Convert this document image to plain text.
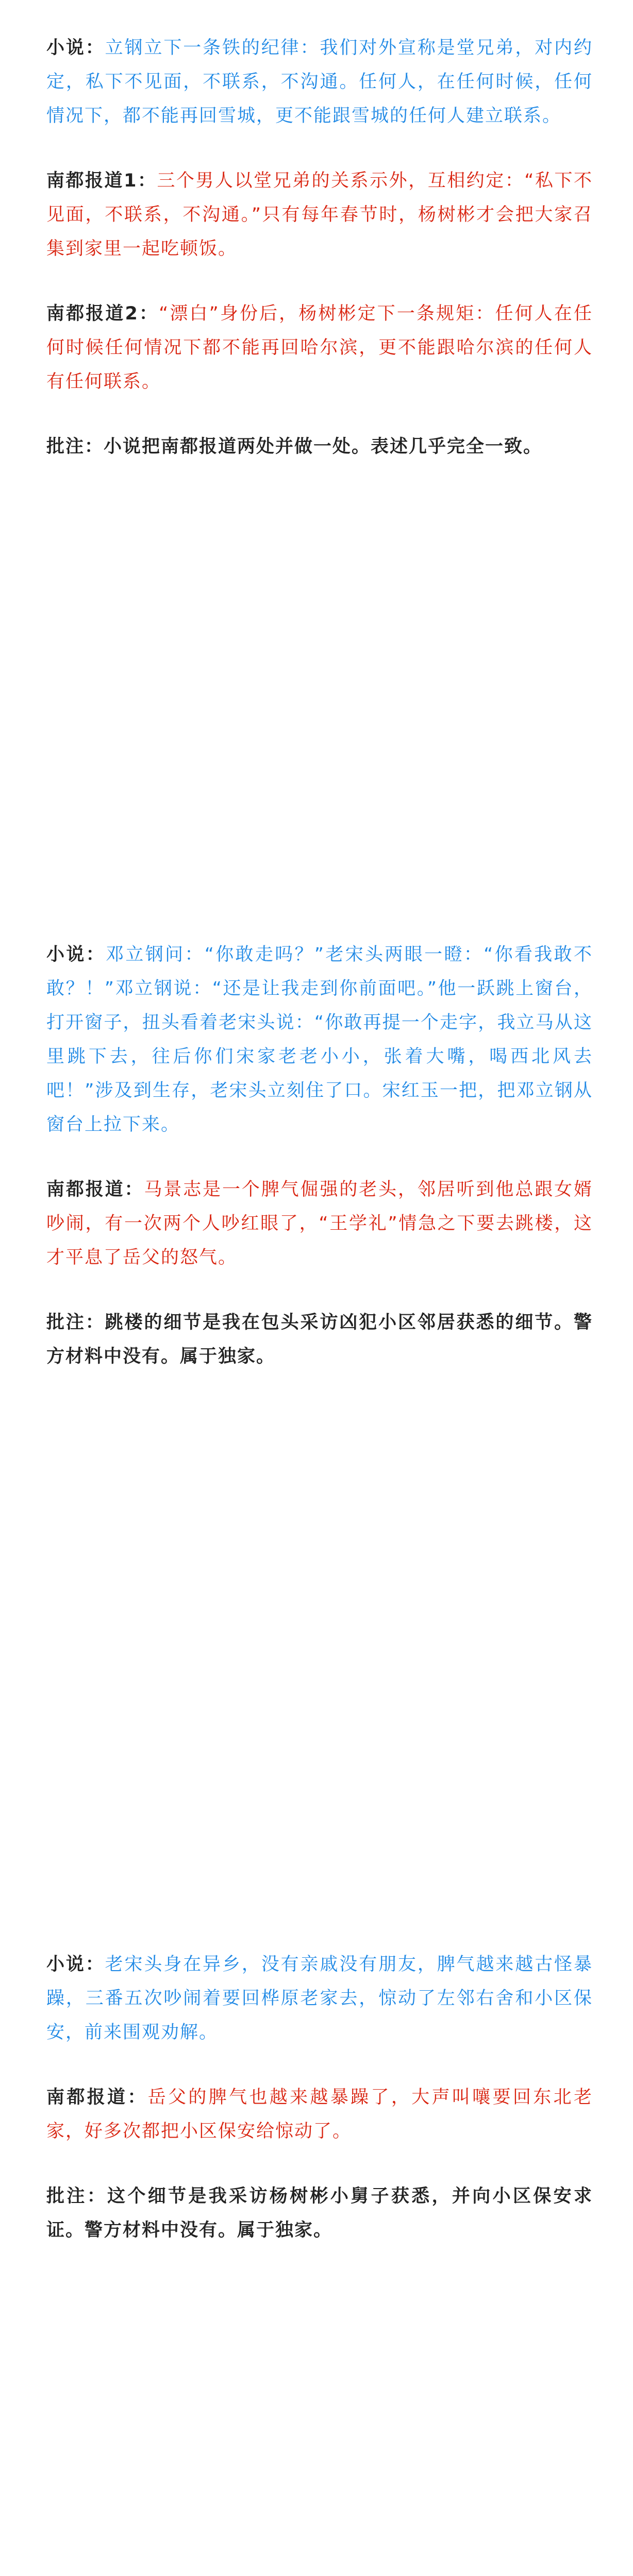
小说：立钢立下一条铁的纪律：我们对外宣称是堂兄弟，对内约定，私下不见面，不联系，不沟通。任何人，在任何时候，任何情况下，都不能再回雪城，更不能跟雪城的任何人建立联系。

南都报道1：三个男人以堂兄弟的关系示外，互相约定：“私下不见面，不联系，不沟通。”只有每年春节时，杨树彬才会把大家召集到家里一起吃顿饭。

南都报道2：“漂白”身份后，杨树彬定下一条规矩：任何人在任何时候任何情况下都不能再回哈尔滨，更不能跟哈尔滨的任何人有任何联系。

批注：小说把南都报道两处并做一处。表述几乎完全一致。

小说：邓立钢问：“你敢走吗？”老宋头两眼一瞪：“你看我敢不敢？！”邓立钢说：“还是让我走到你前面吧。”他一跃跳上窗台，打开窗子，扭头看着老宋头说：“你敢再提一个走字，我立马从这里跳下去，往后你们宋家老老小小，张着大嘴，喝西北风去吧！”涉及到生存，老宋头立刻住了口。宋红玉一把，把邓立钢从窗台上拉下来。

南都报道：马景志是一个脾气倔强的老头，邻居听到他总跟女婿吵闹，有一次两个人吵红眼了，“王学礼”情急之下要去跳楼，这才平息了岳父的怒气。

批注：跳楼的细节是我在包头采访凶犯小区邻居获悉的细节。警方材料中没有。属于独家。

小说：老宋头身在异乡，没有亲戚没有朋友，脾气越来越古怪暴躁，三番五次吵闹着要回桦原老家去，惊动了左邻右舍和小区保安，前来围观劝解。

南都报道：岳父的脾气也越来越暴躁了，大声叫嚷要回东北老家，好多次都把小区保安给惊动了。

批注：这个细节是我采访杨树彬小舅子获悉，并向小区保安求证。警方材料中没有。属于独家。
